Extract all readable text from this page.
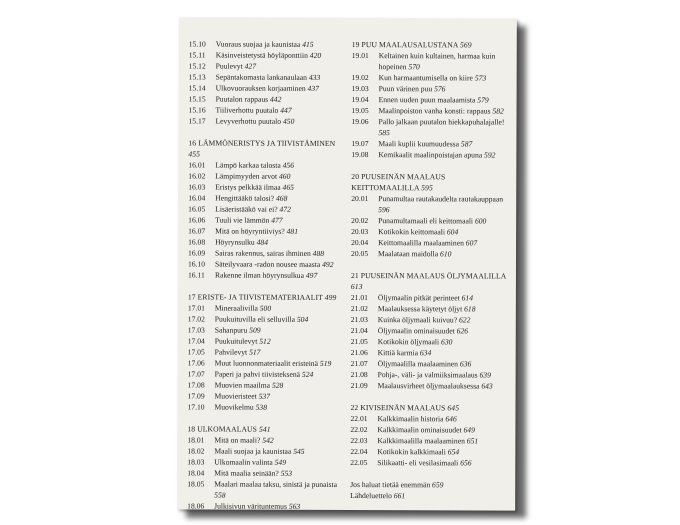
15.10	Vuoraus suojaa ja kaunistaa 415
15.11	Käsinveistetystä höyläponttiin 420
15.12	Puulevyt 427
15.13	Sepäntakomasta lankanaulaan 433
15.14	Ulkovuorauksen korjaaminen 437
15.15	Puutalon rappaus 442
15.16	Tiiliverhottu puutalo 447
15.17	Levyverhottu puutalo 450
16 LÄMMÖNERISTYS JA TIIVISTÄMINEN 455
16.01	Lämpö karkaa talosta 456
16.02	Lämpimyyden arvot 460
16.03	Eristys pelkkää ilmaa 465
16.04	Hengittääkö talosi? 468
16.05	Lisäeristääkö vai ei? 472
16.06	Tuuli vie lämmön 477
16.07	Mitä on höyryntiiviys? 481
16.08	Höyrynsulku 484
16.09	Sairas rakennus, sairas ihminen 488
16.10	Säteilyvaara -radon nousee maasta 492
16.11	Rakenne ilman höyrynsulkua 497
17 ERISTE- JA TIIVISTEMATERIAALIT 499
17.01	Mineraalivilla 500
17.02	Puukuituvilla eli selluvilla 504
17.03	Sahanpuru 509
17.04	Puukuitulevyt 512
17.05	Pahvilevyt 517
17.06	Muut luonnonmateriaalit eristeinä 519
17.07	Paperi ja pahvi tiivisteksenä 524
17.08	Muovien maailma 528
17.09	Muovieristeet 537
17.10	Muovikelmu 538
18 ULKOMAALAUS 541
18.01	Mitä on maali? 542
18.02	Maali suojaa ja kaunistaa 545
18.03	Ulkomaalin valinta 549
18.04	Mitä maalia seinään? 553
18.05	Maalari maalaa taksu, sinistä ja punaista 558
18.06	Julkisivun värituntemus 563
19 PUU MAALAUSALUSTANA 569
19.01	Keltainen kuin kultainen, harmaa kuin hopeinen 570
19.02	Kun harmaantumisella on kiire 573
19.03	Puun värinen puu 576
19.04	Ennen uuden puun maalaamista 579
19.05	Maalinpoiston vanha konsti: rappaus 582
19.06	Pallo jalkaan puutalon hiekkapuhalajalle! 585
19.07	Maali kuplii kuumuudessa 587
19.08	Kemikaalit maalinpoistajan apuna 592
20 PUUSEINÄN MAALAUS KEITTOMAALILLA 595
20.01	Punamultaa rautakaudelta rautakauppaan 596
20.02	Punamultamaali eli keittomaali 600
20.03	Kotikokin keittomaali 604
20.04	Keittomaalilla maalaaminen 607
20.05	Maalataan maidolla 610
21 PUUSEINÄN MAALAUS ÖLJYMAALILLA 613
21.01	Öljymaalin pitkät perinteet 614
21.02	Maalauksessa käytetyt öljyt 618
21.03	Kuinka öljymaali kuivuu? 622
21.04	Öljymaalin ominaisuudet 626
21.05	Kotikokin öljymaali 630
21.06	Kittiä karmia 634
21.07	Öljymaalilla maalaaminen 636
21.08	Pohja-, väli- ja valmiiksimaalaus 639
21.09	Maalausvirheet öljymaalauksessa 643
22 KIVISEINÄN MAALAUS 645
22.01	Kalkkimaalin historia 646
22.02	Kalkkimaalin ominaisuudet 649
22.03	Kalkkimaalilla maalaaminen 651
22.04	Kotikokin kalkkimaali 654
22.05	Silikaatti- eli vesilasimaali 656
Jos haluat tietää enemmän 659
Lähdeluettelo 661
